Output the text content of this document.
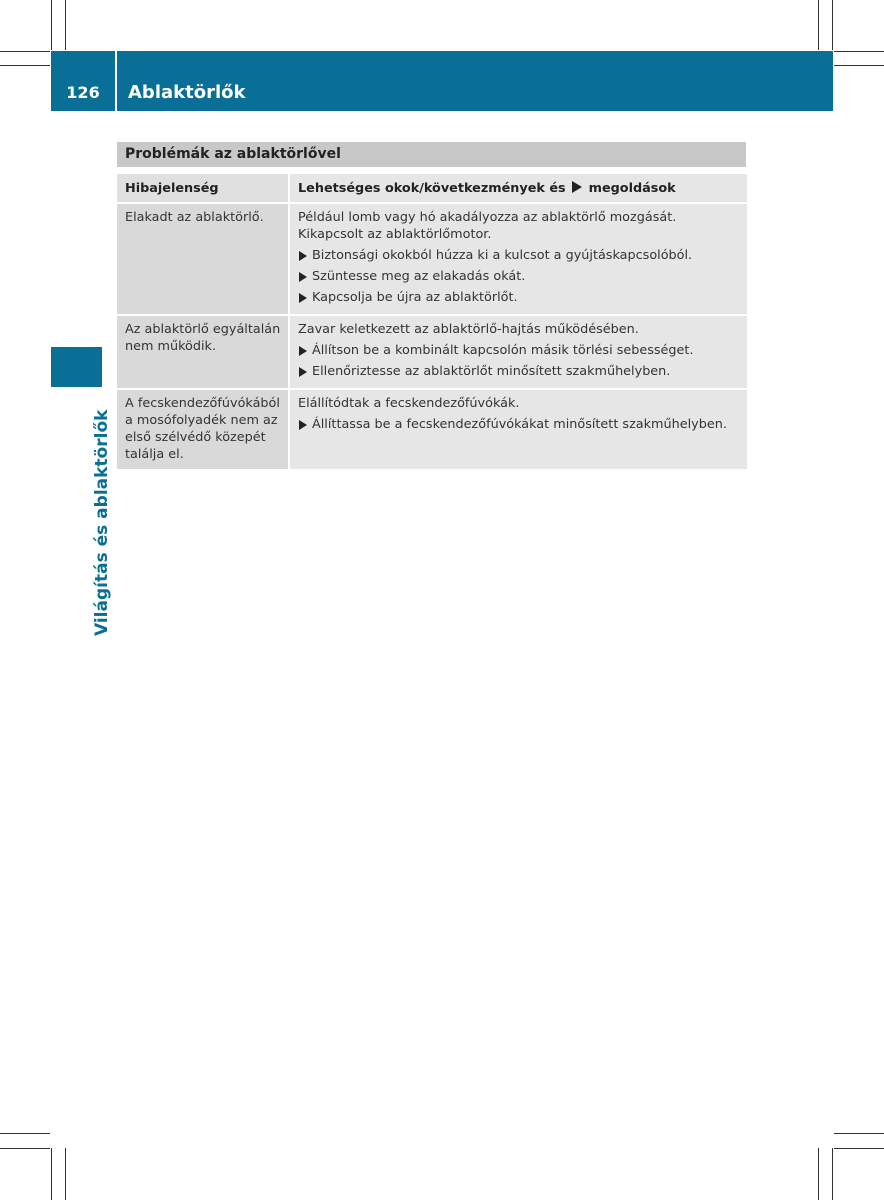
126	Ablaktörlők
Világítás és ablaktörlők
Problémák az ablaktörlővel
Hibajelenség	Lehetséges okok/következmények és megoldások
Elakadt az ablaktörlő.	Például lomb vagy hó akadályozza az ablaktörlő mozgását. Kikapcsolt az ablaktörlőmotor.
Biztonsági okokból húzza ki a kulcsot a gyújtáskapcsolóból.
Szüntesse meg az elakadás okát.
Kapcsolja be újra az ablaktörlőt.

Az ablaktörlő egyáltalán nem működik.	Zavar keletkezett az ablaktörlő-hajtás működésében.
Állítson be a kombinált kapcsolón másik törlési sebességet.
Ellenőriztesse az ablaktörlőt minősített szakműhelyben.

A fecskendezőfúvókából a mosófolyadék nem az első szélvédő közepét találja el.	Elállítódtak a fecskendezőfúvókák.
Állíttassa be a fecskendezőfúvókákat minősített szakműhelyben.
